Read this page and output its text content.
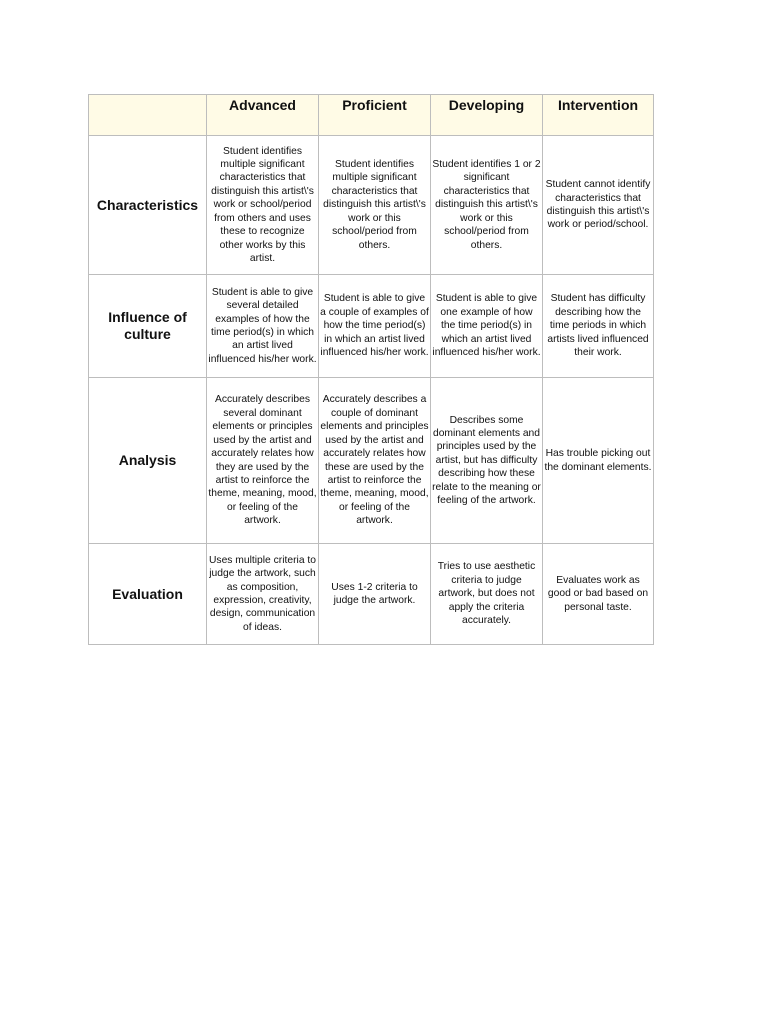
	Advanced	Proficient	Developing	Intervention
Characteristics	Student identifies multiple significant characteristics that distinguish this artist\'s work or school/period from others and uses these to recognize other works by this artist.	Student identifies multiple significant characteristics that distinguish this artist\'s work or this school/period from others.	Student identifies 1 or 2 significant characteristics that distinguish this artist\'s work or this school/period from others.	Student cannot identify characteristics that distinguish this artist\'s work or period/school.
Influence of culture	Student is able to give several detailed examples of how the time period(s) in which an artist lived influenced his/her work.	Student is able to give a couple of examples of how the time period(s) in which an artist lived influenced his/her work.	Student is able to give one example of how the time period(s) in which an artist lived influenced his/her work.	Student has difficulty describing how the time periods in which artists lived influenced their work.
Analysis	Accurately describes several dominant elements or principles used by the artist and accurately relates how they are used by the artist to reinforce the theme, meaning, mood, or feeling of the artwork.	Accurately describes a couple of dominant elements and principles used by the artist and accurately relates how these are used by the artist to reinforce the theme, meaning, mood, or feeling of the artwork.	Describes some dominant elements and principles used by the artist, but has difficulty describing how these relate to the meaning or feeling of the artwork.	Has trouble picking out the dominant elements.
Evaluation	Uses multiple criteria to judge the artwork, such as composition, expression, creativity, design, communication of ideas.	Uses 1-2 criteria to judge the artwork.	Tries to use aesthetic criteria to judge artwork, but does not apply the criteria accurately.	Evaluates work as good or bad based on personal taste.
